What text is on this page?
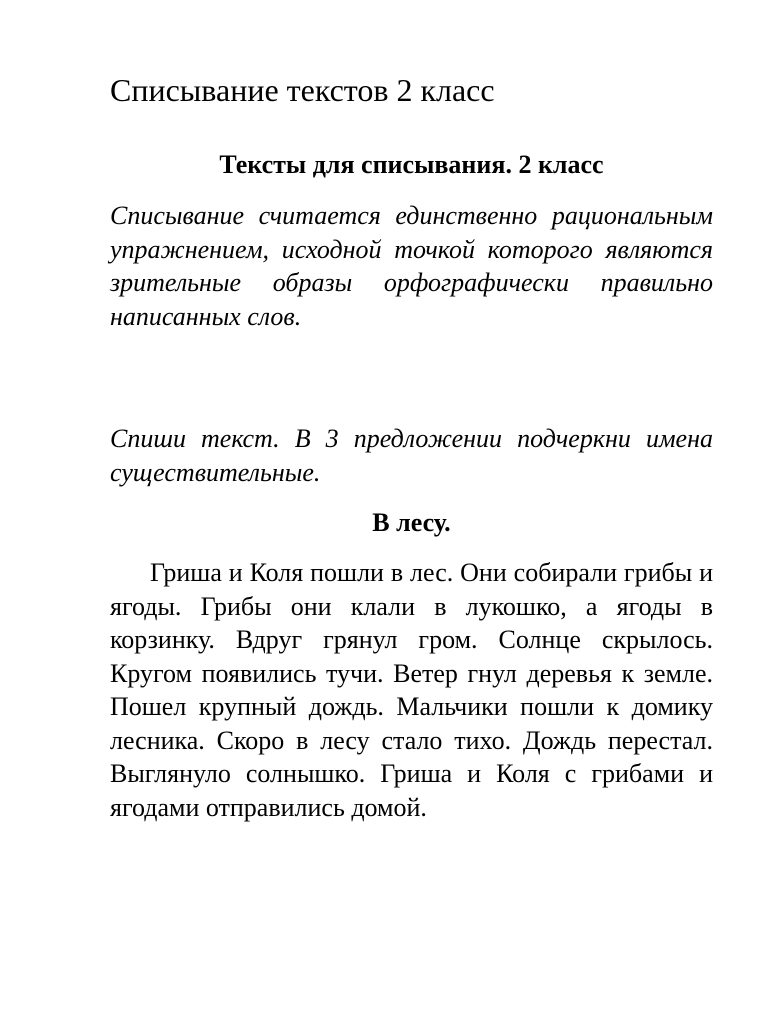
Списывание текстов 2 класс
Тексты для списывания. 2 класс

Списывание считается единственно рациональным упражнением, исходной точкой которого являются зрительные образы орфографически правильно написанных слов.

Спиши текст. В 3 предложении подчеркни имена существительные.

В лесу.

Гриша и Коля пошли в лес. Они собирали грибы и ягоды. Грибы они клали в лукошко, а ягоды в корзинку. Вдруг грянул гром. Солнце скрылось. Кругом появились тучи. Ветер гнул деревья к земле. Пошел крупный дождь. Мальчики пошли к домику лесника. Скоро в лесу стало тихо. Дождь перестал. Выглянуло солнышко. Гриша и Коля с грибами и ягодами отправились домой.
